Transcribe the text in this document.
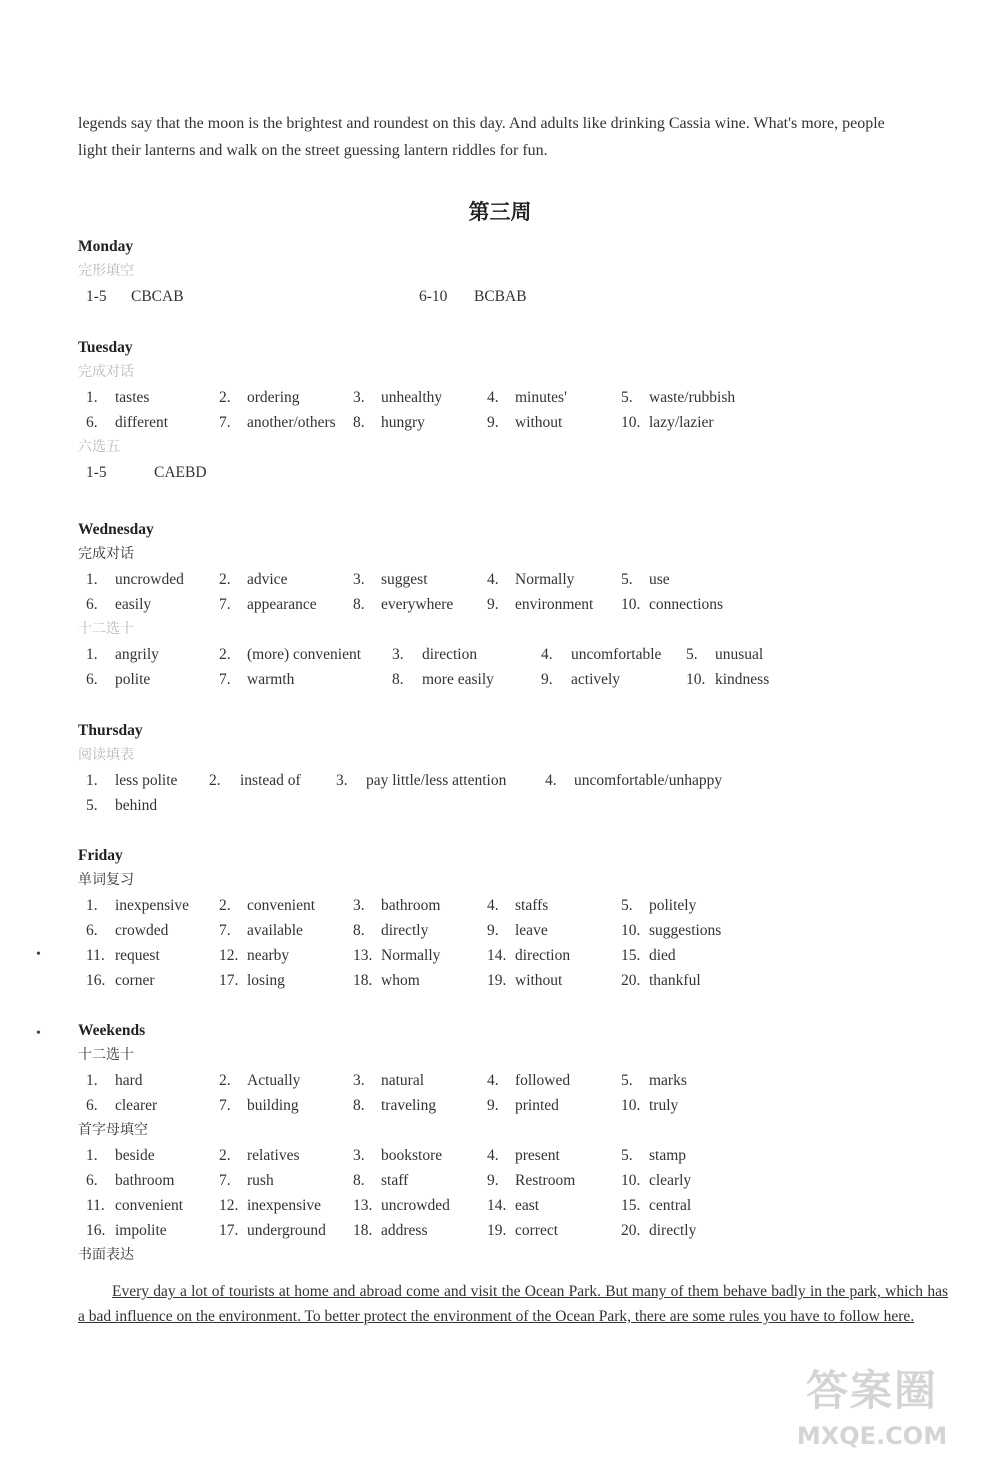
legends say that the moon is the brightest and roundest on this day. And adults like drinking Cassia wine. What's more, people

light their lanterns and walk on the street guessing lantern riddles for fun.

第三周
Monday
完形填空
1-5 CBCAB	6-10 BCBAB
Tuesday
完成对话
1. tastes	2. ordering	3. unhealthy	4. minutes'	5. waste/rubbish
6. different	7. another/others 8. hungry	9. without	10. lazy/lazier
六选五
1-5	CAEBD
Wednesday
完成对话
1. uncrowded 2. advice	3. suggest	4. Normally	5. use
6. easily	7. appearance 8. everywhere 9. environment 10. connections
十二选十
1. angrily	2. (more) convenient 3. direction	4. uncomfortable 5. unusual
6. polite	7. warmth	8. more easily	9. actively	10. kindness
Thursday
阅读填表
1. less polite 2. instead of 3. pay little/less attention 4. uncomfortable/unhappy
5. behind
Friday
单词复习
1. inexpensive 2. convenient 3. bathroom	4. staffs	5. politely
6. crowded	7. available	8. directly	9. leave	10. suggestions
11. request	12. nearby	13. Normally	14. direction	15. died
16. corner	17. losing	18. whom	19. without	20. thankful
Weekends
十二选十
1. hard	2. Actually	3. natural	4. followed	5. marks
6. clearer	7. building	8. traveling	9. printed	10. truly
首字母填空
1. beside	2. relatives	3. bookstore	4. present	5. stamp
6. bathroom	7. rush	8. staff	9. Restroom	10. clearly
11. convenient 12. inexpensive 13. uncrowded 14. east	15. central
16. impolite	17. underground 18. address	19. correct	20. directly
书面表达

Every day a lot of tourists at home and abroad come and visit the Ocean Park. But many of them behave badly in the park, which has a bad influence on the environment. To better protect the environment of the Ocean Park, there are some rules you have to follow here.

•
•
答案圈
MXQE.COM
